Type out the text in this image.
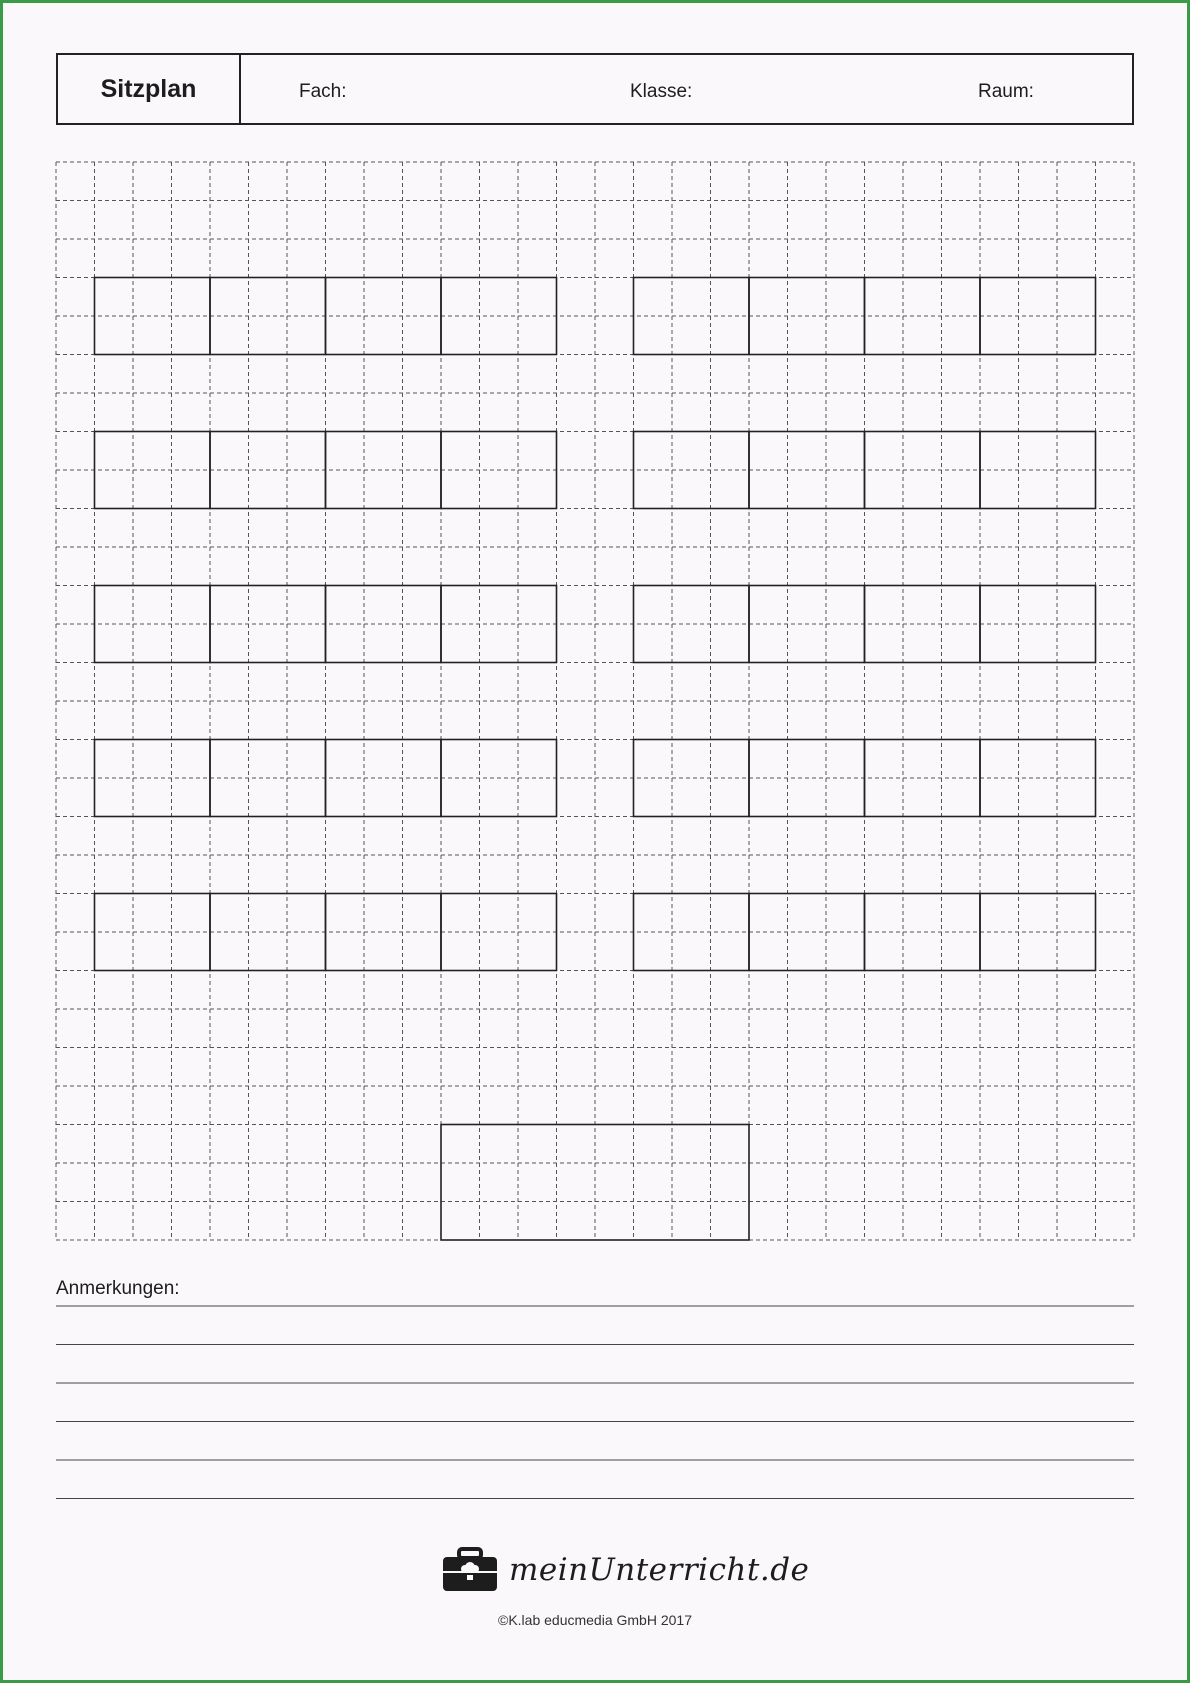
Sitzplan	Fach:	Klasse:	Raum:
Anmerkungen:
meinUnterricht.de
©K.lab educmedia GmbH 2017
